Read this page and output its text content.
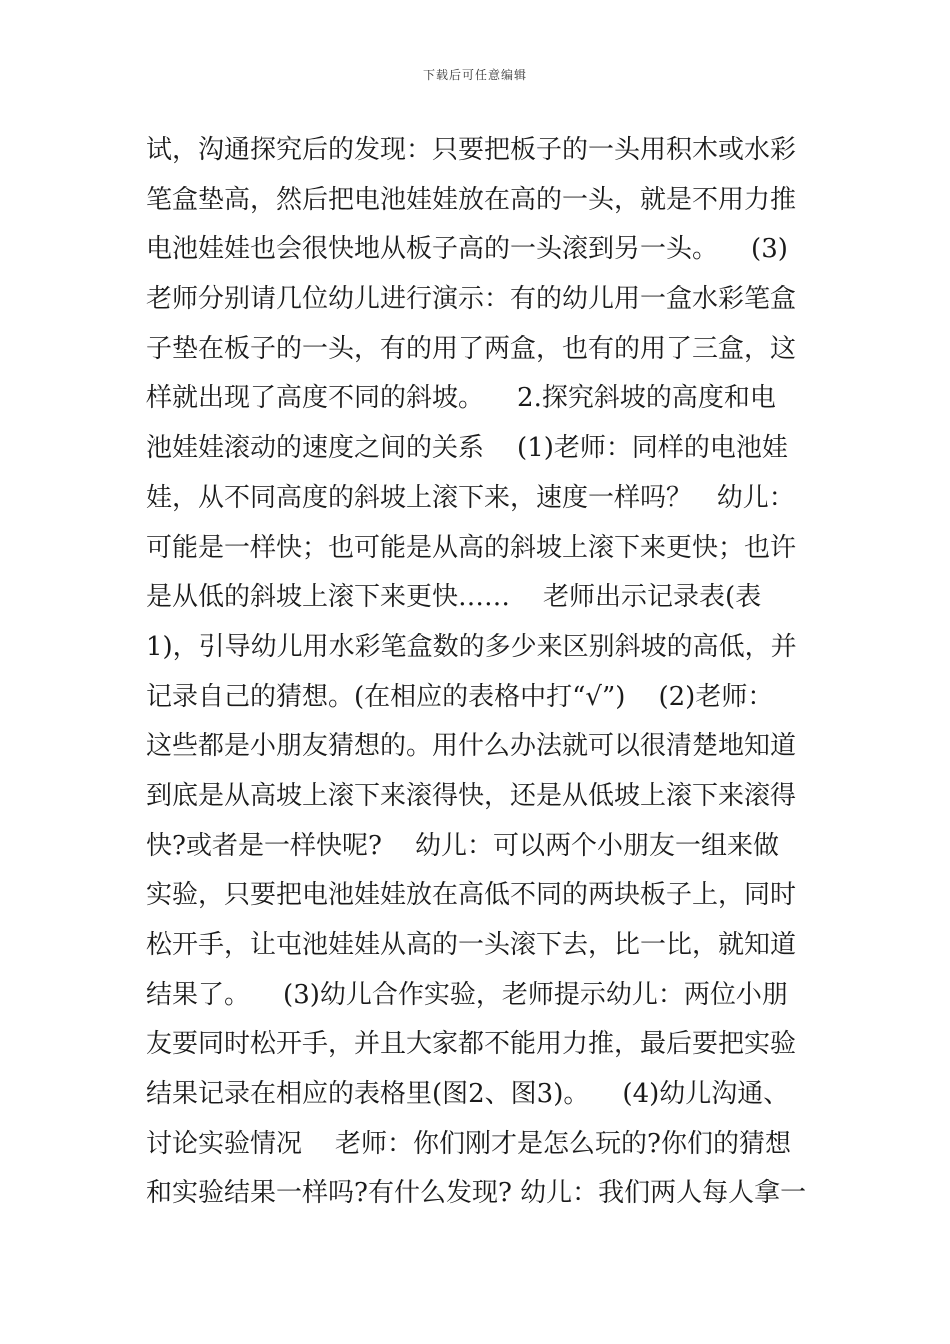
下载后可任意编辑
试，沟通探究后的发现：只要把板子的一头用积木或水彩
笔盒垫高，然后把电池娃娃放在高的一头，就是不用力推
电池娃娃也会很快地从板子高的一头滚到另一头。    (3)
老师分别请几位幼儿进行演示：有的幼儿用一盒水彩笔盒
子垫在板子的一头，有的用了两盒，也有的用了三盒，这
样就出现了高度不同的斜坡。    2.探究斜坡的高度和电
池娃娃滚动的速度之间的关系    (1)老师：同样的电池娃
娃，从不同高度的斜坡上滚下来，速度一样吗？   幼儿：
可能是一样快；也可能是从高的斜坡上滚下来更快；也许
是从低的斜坡上滚下来更快……    老师出示记录表(表
1)，引导幼儿用水彩笔盒数的多少来区别斜坡的高低，并
记录自己的猜想。(在相应的表格中打“√”)    (2)老师：
这些都是小朋友猜想的。用什么办法就可以很清楚地知道
到底是从高坡上滚下来滚得快，还是从低坡上滚下来滚得
快?或者是一样快呢?    幼儿：可以两个小朋友一组来做
实验，只要把电池娃娃放在高低不同的两块板子上，同时
松开手，让屯池娃娃从高的一头滚下去，比一比，就知道
结果了。    (3)幼儿合作实验，老师提示幼儿：两位小朋
友要同时松开手，并且大家都不能用力推，最后要把实验
结果记录在相应的表格里(图2、图3)。    (4)幼儿沟通、
讨论实验情况    老师：你们刚才是怎么玩的?你们的猜想
和实验结果一样吗?有什么发现? 幼儿：我们两人每人拿一
